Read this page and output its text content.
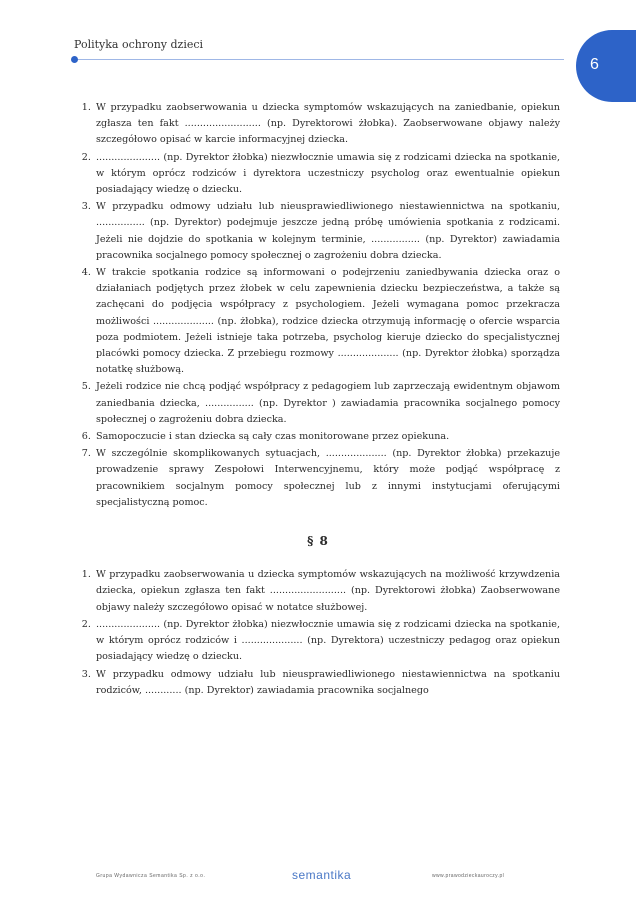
Polityka ochrony dzieci
6
1. W przypadku zaobserwowania u dziecka symptomów wskazujących na zaniedbanie, opiekun zgłasza ten fakt ......................... (np. Dyrektorowi żłobka). Zaobserwowane objawy należy szczegółowo opisać w karcie informacyjnej dziecka.
2. ..................... (np. Dyrektor żłobka) niezwłocznie umawia się z rodzicami dziecka na spotkanie, w którym oprócz rodziców i dyrektora uczestniczy psycholog oraz ewentualnie opiekun posiadający wiedzę o dziecku.
3. W przypadku odmowy udziału lub nieusprawiedliwionego niestawiennictwa na spotkaniu, ................ (np. Dyrektor) podejmuje jeszcze jedną próbę umówienia spotkania z rodzicami. Jeżeli nie dojdzie do spotkania w kolejnym terminie, ................ (np. Dyrektor) zawiadamia pracownika socjalnego pomocy społecznej o zagrożeniu dobra dziecka.
4. W trakcie spotkania rodzice są informowani o podejrzeniu zaniedbywania dziecka oraz o działaniach podjętych przez żłobek w celu zapewnienia dziecku bezpieczeństwa, a także są zachęcani do podjęcia współpracy z psychologiem. Jeżeli wymagana pomoc przekracza możliwości .................... (np. żłobka), rodzice dziecka otrzymują informację o ofercie wsparcia poza podmiotem. Jeżeli istnieje taka potrzeba, psycholog kieruje dziecko do specjalistycznej placówki pomocy dziecka. Z przebiegu rozmowy .................... (np. Dyrektor żłobka) sporządza notatkę służbową.
5. Jeżeli rodzice nie chcą podjąć współpracy z pedagogiem lub zaprzeczają ewidentnym objawom zaniedbania dziecka, ................ (np. Dyrektor ) zawiadamia pracownika socjalnego pomocy społecznej o zagrożeniu dobra dziecka.
6. Samopoczucie i stan dziecka są cały czas monitorowane przez opiekuna.
7. W szczególnie skomplikowanych sytuacjach, .................... (np. Dyrektor żłobka) przekazuje prowadzenie sprawy Zespołowi Interwencyjnemu, który może podjąć współpracę z pracownikiem socjalnym pomocy społecznej lub z innymi instytucjami oferującymi specjalistyczną pomoc.
§ 8
1. W przypadku zaobserwowania u dziecka symptomów wskazujących na możliwość krzywdzenia dziecka, opiekun zgłasza ten fakt ......................... (np. Dyrektorowi żłobka) Zaobserwowane objawy należy szczegółowo opisać w notatce służbowej.
2. ..................... (np. Dyrektor żłobka) niezwłocznie umawia się z rodzicami dziecka na spotkanie, w którym oprócz rodziców i .................... (np. Dyrektora) uczestniczy pedagog oraz opiekun posiadający wiedzę o dziecku.
3. W przypadku odmowy udziału lub nieusprawiedliwionego niestawiennictwa na spotkaniu rodziców, ............ (np. Dyrektor) zawiadamia pracownika socjalnego
Grupa Wydawnicza Semantika Sp. z o.o.	semantika	www.prawodzieckauroczy.pl
